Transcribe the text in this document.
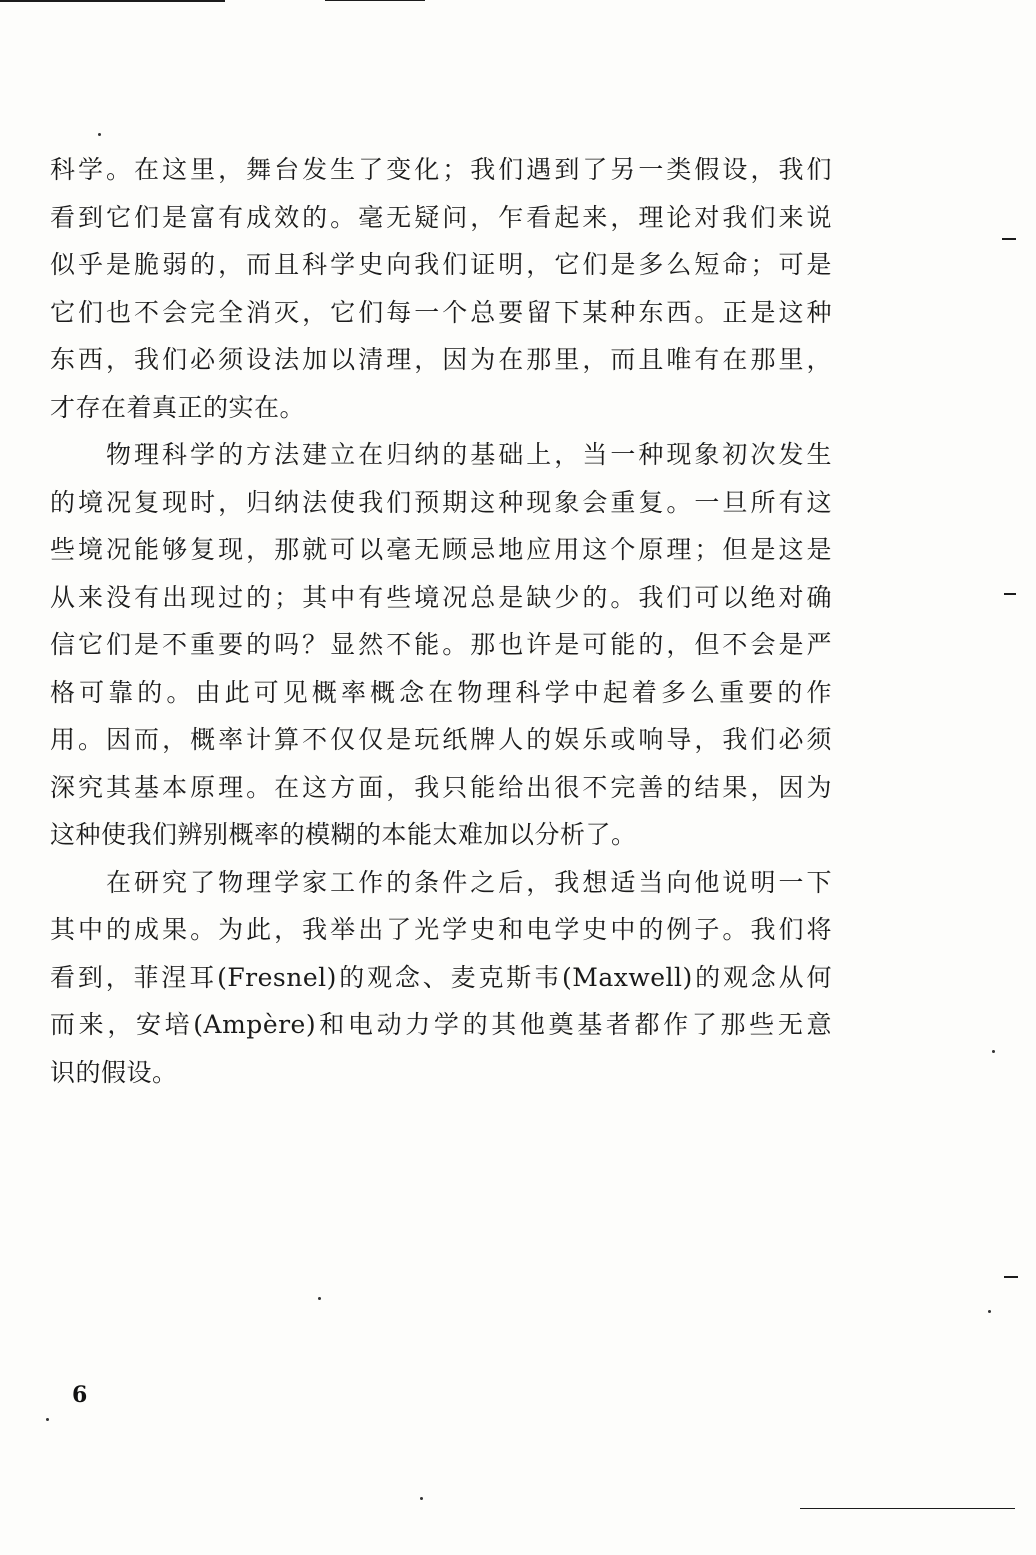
科学。在这里，舞台发生了变化；我们遇到了另一类假设，我们
看到它们是富有成效的。毫无疑问，乍看起来，理论对我们来说
似乎是脆弱的，而且科学史向我们证明，它们是多么短命；可是
它们也不会完全消灭，它们每一个总要留下某种东西。正是这种
东西，我们必须设法加以清理，因为在那里，而且唯有在那里，
才存在着真正的实在。
物理科学的方法建立在归纳的基础上，当一种现象初次发生
的境况复现时，归纳法使我们预期这种现象会重复。一旦所有这
些境况能够复现，那就可以毫无顾忌地应用这个原理；但是这是
从来没有出现过的；其中有些境况总是缺少的。我们可以绝对确
信它们是不重要的吗？显然不能。那也许是可能的，但不会是严
格可靠的。由此可见概率概念在物理科学中起着多么重要的作
用。因而，概率计算不仅仅是玩纸牌人的娱乐或响导，我们必须
深究其基本原理。在这方面，我只能给出很不完善的结果，因为
这种使我们辨别概率的模糊的本能太难加以分析了。
在研究了物理学家工作的条件之后，我想适当向他说明一下
其中的成果。为此，我举出了光学史和电学史中的例子。我们将
看到，菲涅耳(Fresnel)的观念、麦克斯韦(Maxwell)的观念从何
而来，安培(Ampère)和电动力学的其他奠基者都作了那些无意
识的假设。
6
